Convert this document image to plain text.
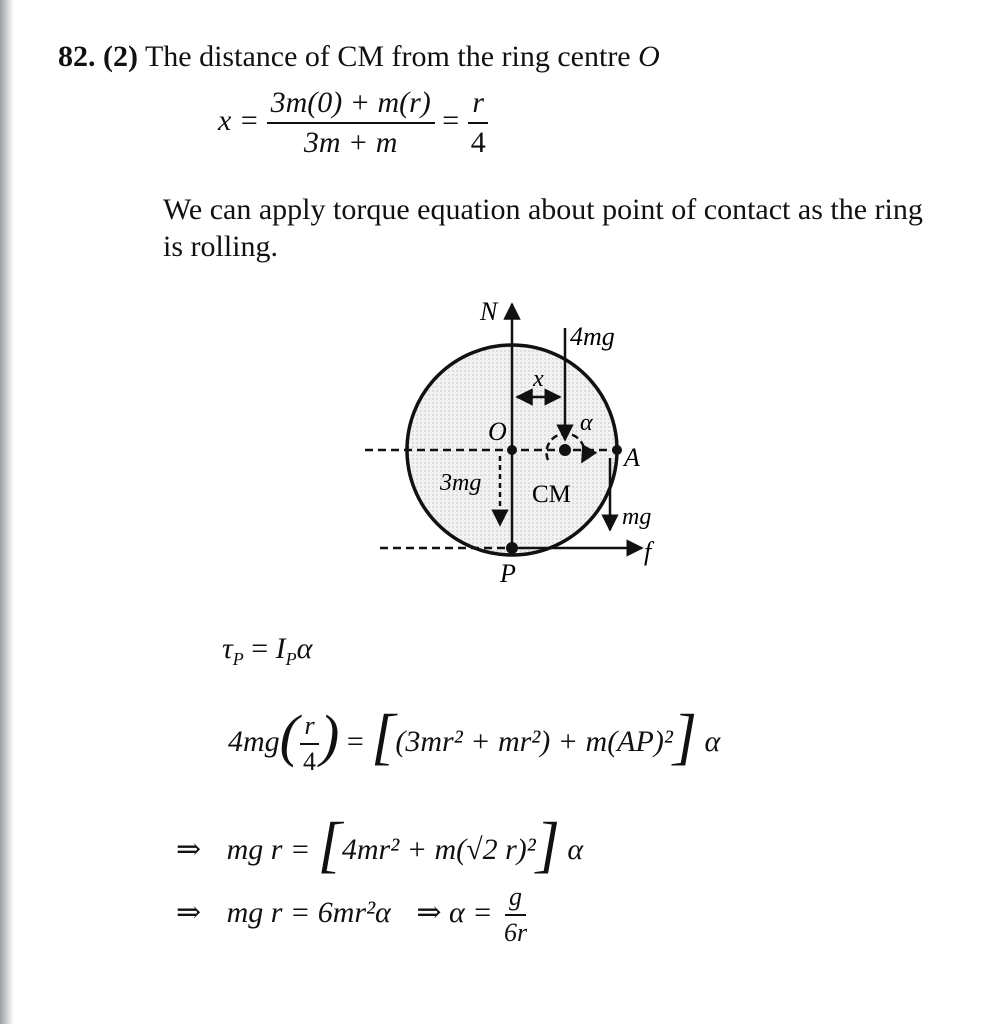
82. (2) The distance of CM from the ring centre O
$x = \frac{3m(0) + m(r)}{3m + m} = \frac{r}{4}$
We can apply torque equation about point of contact as the ring
is rolling.
N
4mg
x
α
O
A
3mg CM
mg
f
P
$\tau_P = I_P\alpha$
$4mg( \frac{r}{4}$ ) = [(3mr² + mr²) + m(AP)²] α
⇒ mg r = [4mr² + m(√2 r)²] α
⇒ mg r = 6mr²α ⇒ $\alpha = \frac{g}{6r}$
